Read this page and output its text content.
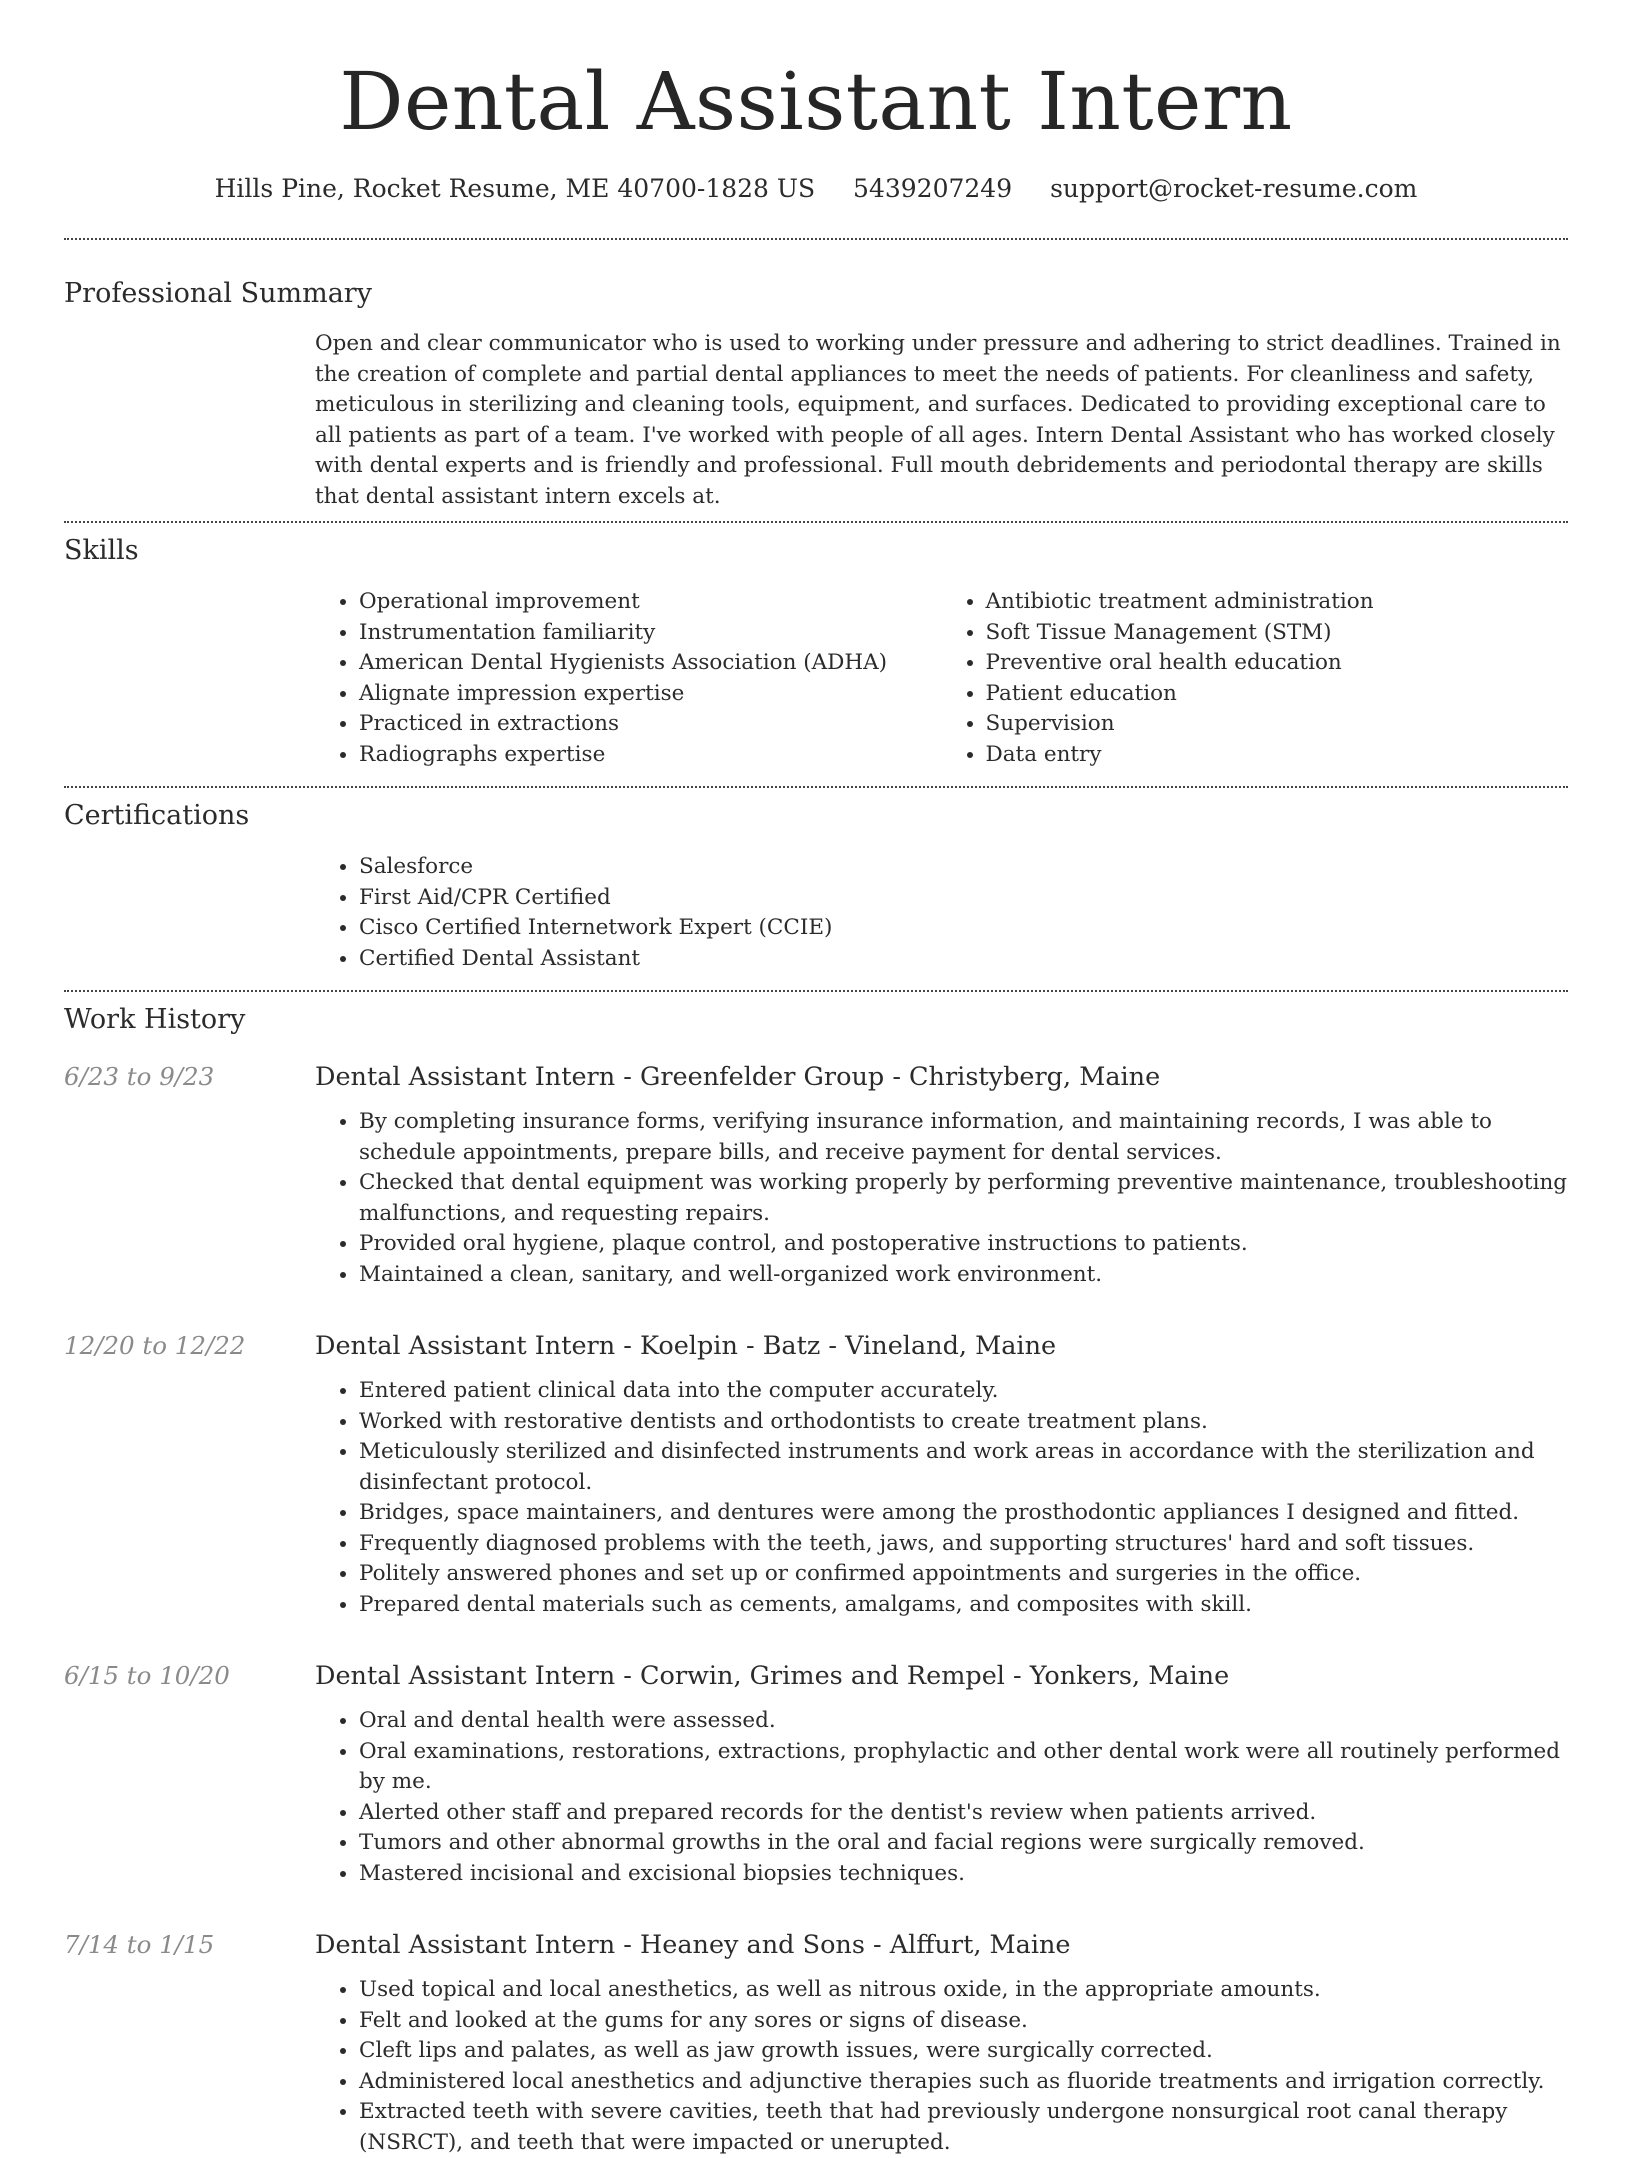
Dental Assistant Intern
Hills Pine, Rocket Resume, ME 40700-1828 US 5439207249 support@rocket-resume.com
Professional Summary
Open and clear communicator who is used to working under pressure and adhering to strict deadlines. Trained in the creation of complete and partial dental appliances to meet the needs of patients. For cleanliness and safety, meticulous in sterilizing and cleaning tools, equipment, and surfaces. Dedicated to providing exceptional care to all patients as part of a team. I've worked with people of all ages. Intern Dental Assistant who has worked closely with dental experts and is friendly and professional. Full mouth debridements and periodontal therapy are skills that dental assistant intern excels at.
Skills
• Operational improvement
• Instrumentation familiarity
• American Dental Hygienists Association (ADHA)
• Alignate impression expertise
• Practiced in extractions
• Radiographs expertise
• Antibiotic treatment administration
• Soft Tissue Management (STM)
• Preventive oral health education
• Patient education
• Supervision
• Data entry
Certifications
• Salesforce
• First Aid/CPR Certified
• Cisco Certified Internetwork Expert (CCIE)
• Certified Dental Assistant
Work History
6/23 to 9/23	Dental Assistant Intern - Greenfelder Group - Christyberg, Maine
• By completing insurance forms, verifying insurance information, and maintaining records, I was able to schedule appointments, prepare bills, and receive payment for dental services.
• Checked that dental equipment was working properly by performing preventive maintenance, troubleshooting malfunctions, and requesting repairs.
• Provided oral hygiene, plaque control, and postoperative instructions to patients.
• Maintained a clean, sanitary, and well-organized work environment.
12/20 to 12/22	Dental Assistant Intern - Koelpin - Batz - Vineland, Maine
• Entered patient clinical data into the computer accurately.
• Worked with restorative dentists and orthodontists to create treatment plans.
• Meticulously sterilized and disinfected instruments and work areas in accordance with the sterilization and disinfectant protocol.
• Bridges, space maintainers, and dentures were among the prosthodontic appliances I designed and fitted.
• Frequently diagnosed problems with the teeth, jaws, and supporting structures' hard and soft tissues.
• Politely answered phones and set up or confirmed appointments and surgeries in the office.
• Prepared dental materials such as cements, amalgams, and composites with skill.
6/15 to 10/20	Dental Assistant Intern - Corwin, Grimes and Rempel - Yonkers, Maine
• Oral and dental health were assessed.
• Oral examinations, restorations, extractions, prophylactic and other dental work were all routinely performed by me.
• Alerted other staff and prepared records for the dentist's review when patients arrived.
• Tumors and other abnormal growths in the oral and facial regions were surgically removed.
• Mastered incisional and excisional biopsies techniques.
7/14 to 1/15	Dental Assistant Intern - Heaney and Sons - Alffurt, Maine
• Used topical and local anesthetics, as well as nitrous oxide, in the appropriate amounts.
• Felt and looked at the gums for any sores or signs of disease.
• Cleft lips and palates, as well as jaw growth issues, were surgically corrected.
• Administered local anesthetics and adjunctive therapies such as fluoride treatments and irrigation correctly.
• Extracted teeth with severe cavities, teeth that had previously undergone nonsurgical root canal therapy (NSRCT), and teeth that were impacted or unerupted.
